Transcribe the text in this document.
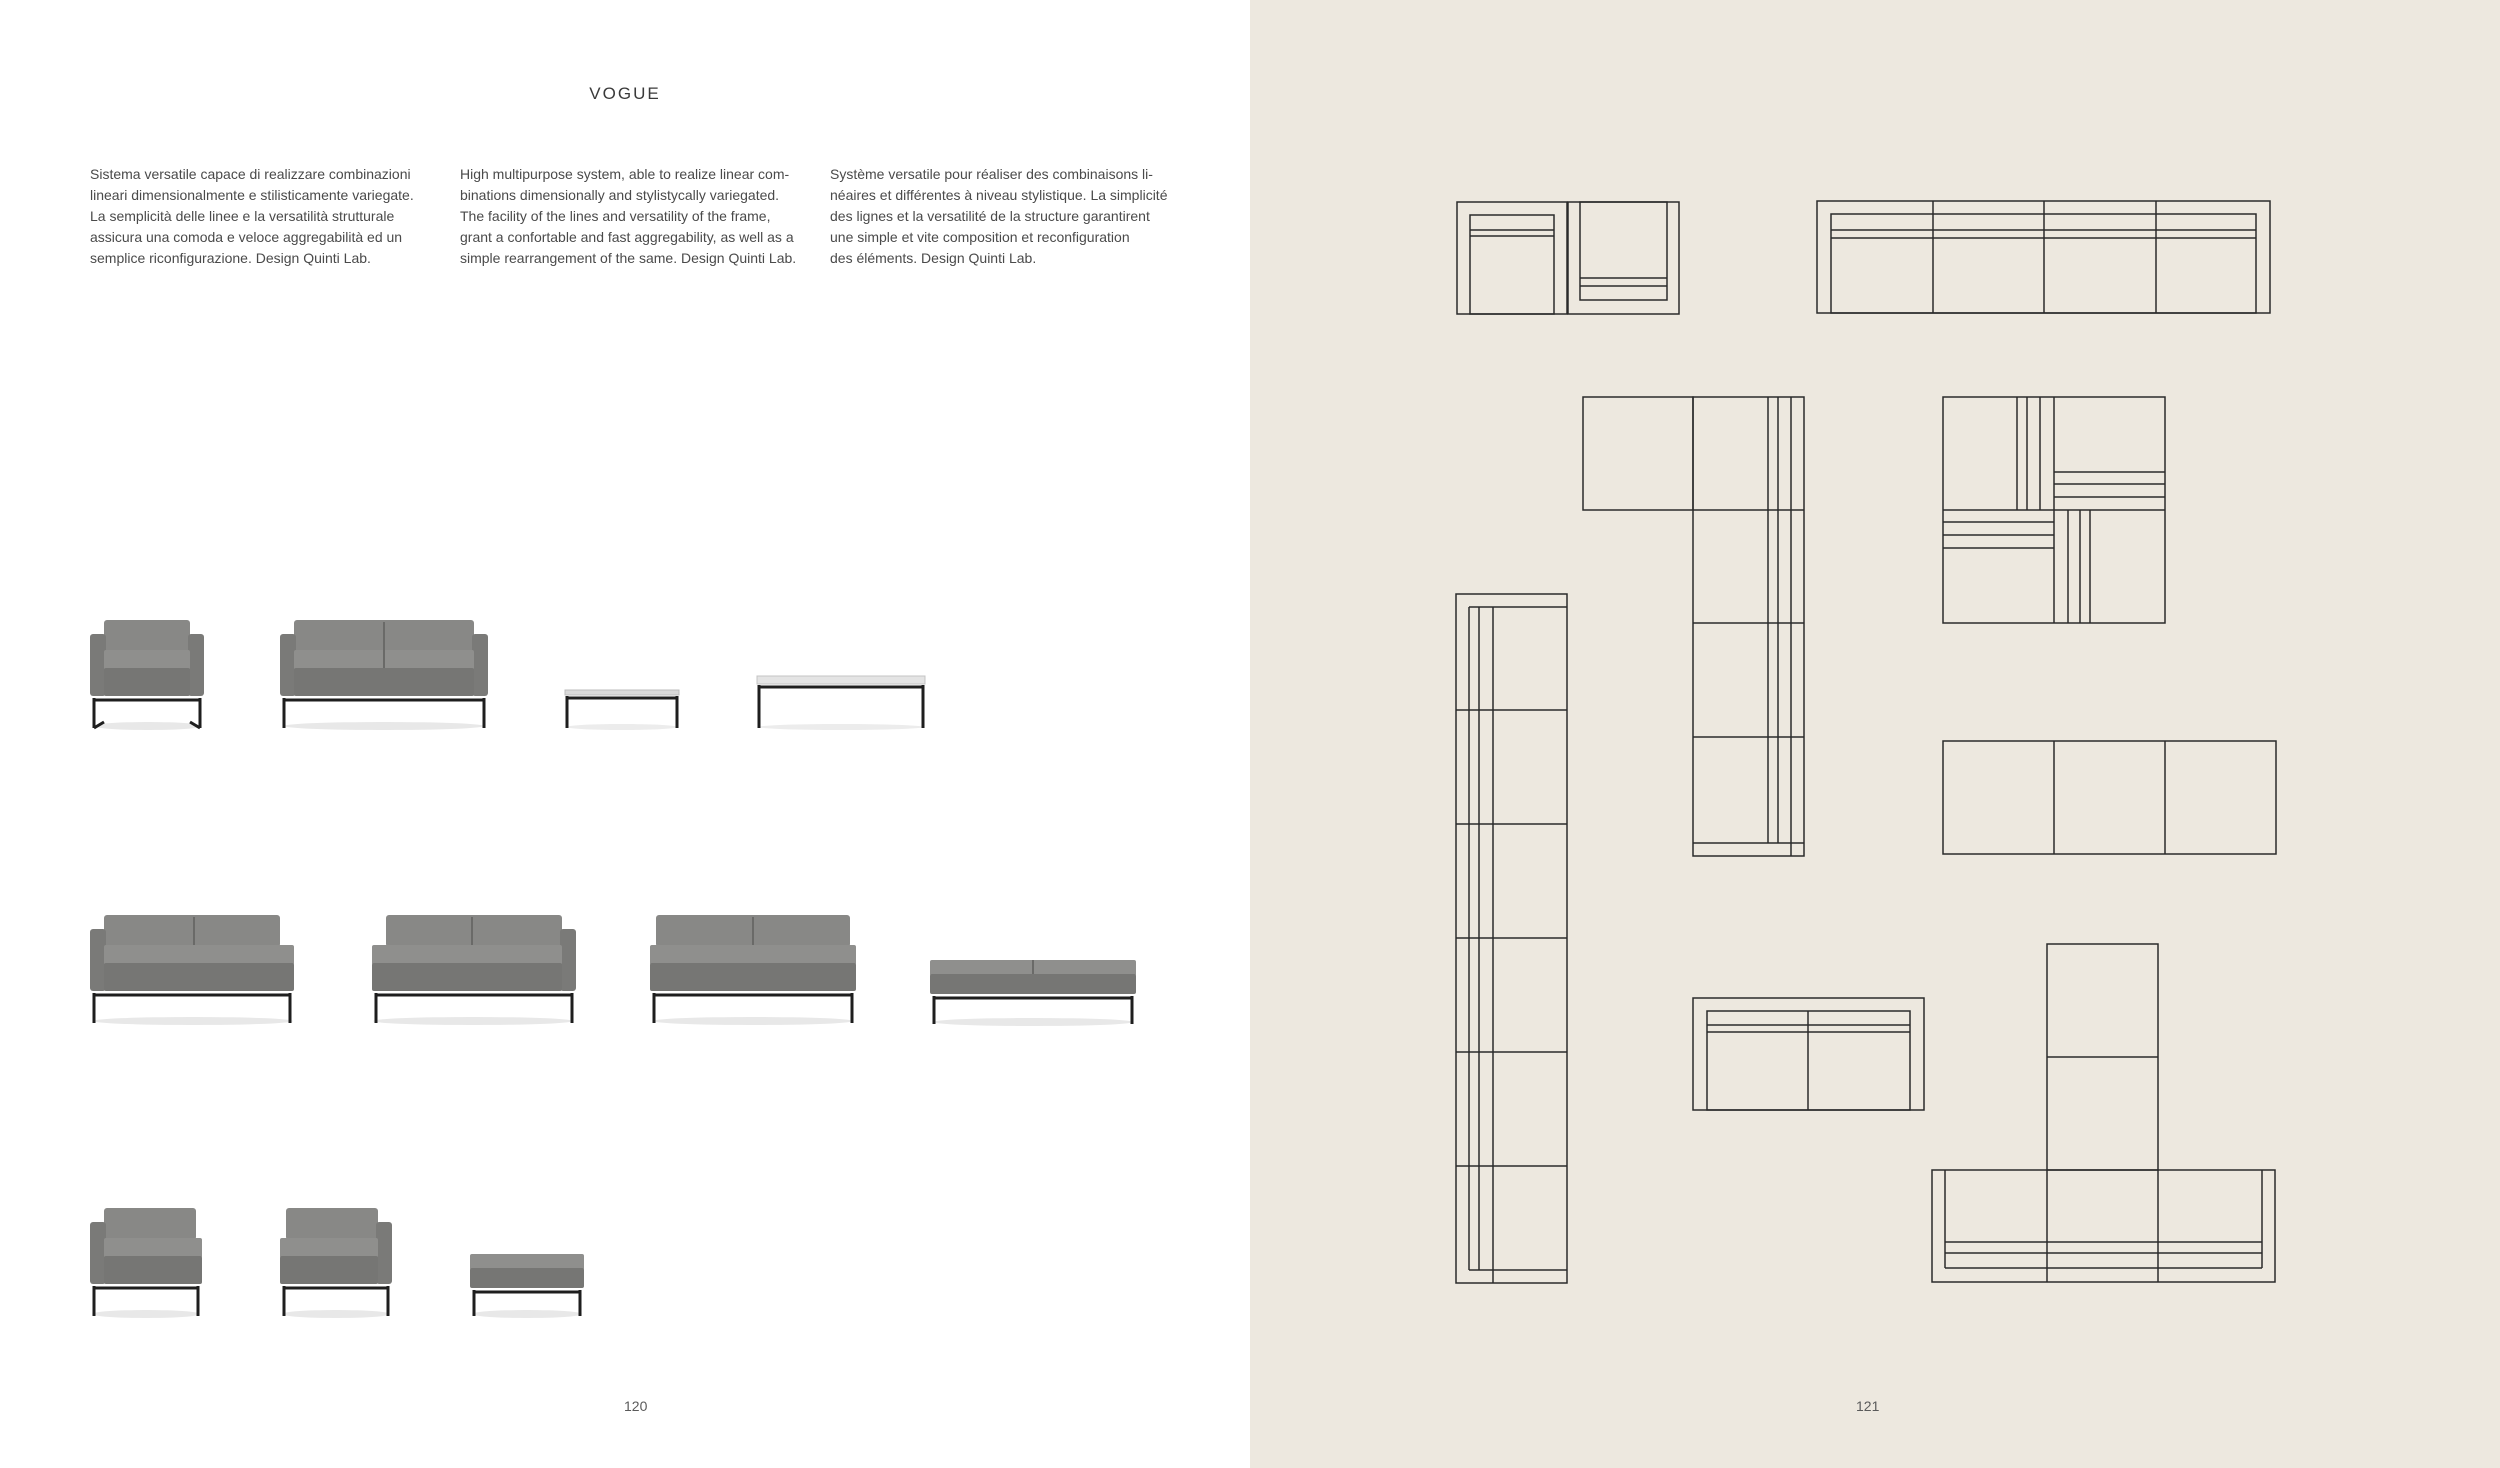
VOGUE
Sistema versatile capace di realizzare combinazioni
lineari dimensionalmente e stilisticamente variegate.
La semplicità delle linee e la versatilità strutturale
assicura una comoda e veloce aggregabilità ed un
semplice riconfigurazione. Design Quinti Lab.
High multipurpose system, able to realize linear com-
binations dimensionally and stylistycally variegated.
The facility of the lines and versatility of the frame,
grant a confortable and fast aggregability, as well as a
simple rearrangement of the same. Design Quinti Lab.
Système versatile pour réaliser des combinaisons li-
néaires et différentes à niveau stylistique. La simplicité
des lignes et la versatilité de la structure garantirent
une simple et vite composition et reconfiguration
des éléments. Design Quinti Lab.
120	121
